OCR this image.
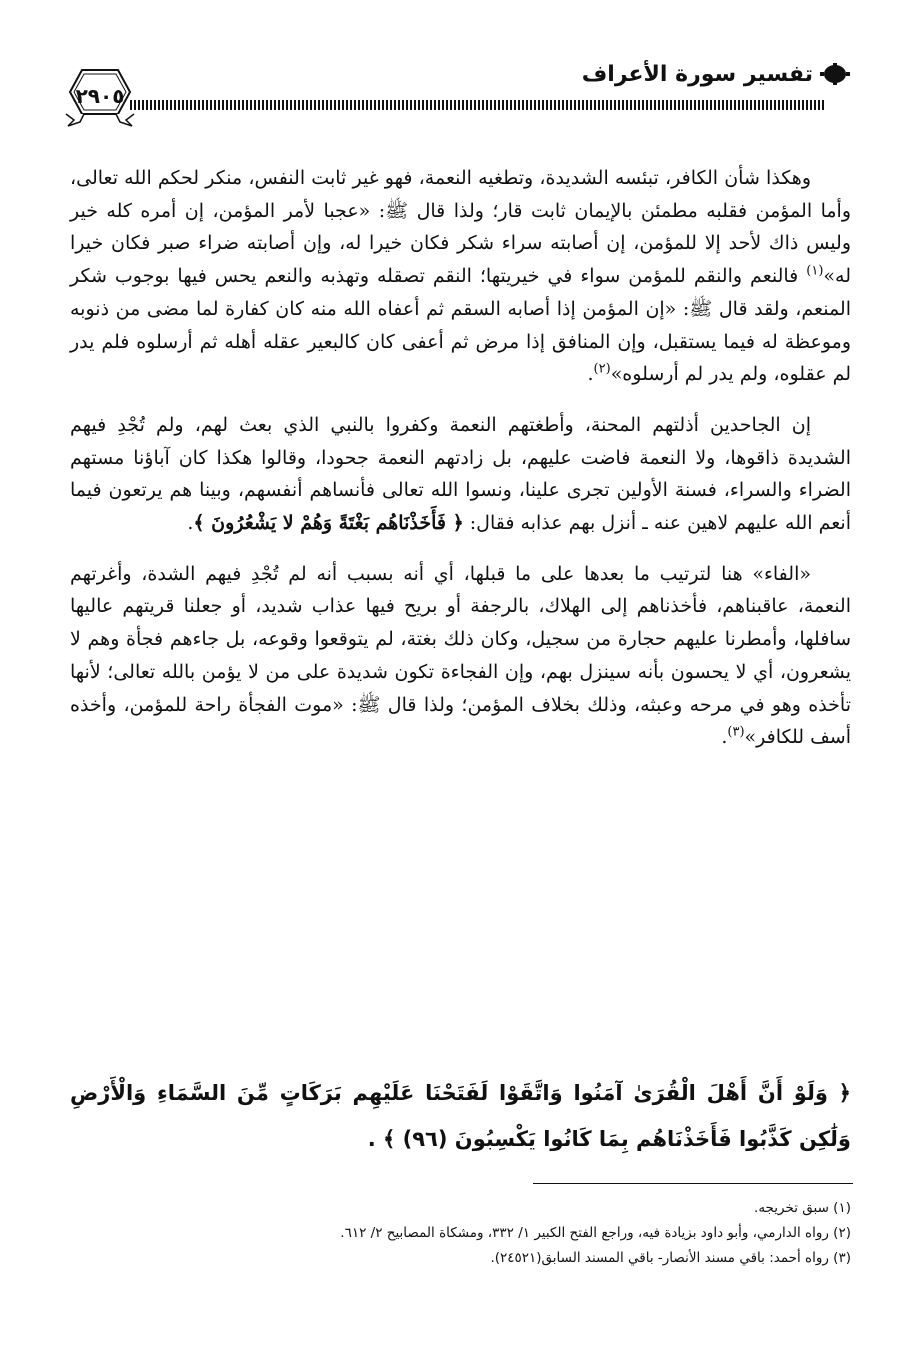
تفسير سورة الأعراف
٢٩٠٥

وهكذا شأن الكافر، تبئسه الشديدة، وتطغيه النعمة، فهو غير ثابت النفس، منكر لحكم الله تعالى، وأما المؤمن فقلبه مطمئن بالإيمان ثابت قار؛ ولذا قال ﷺ: «عجبا لأمر المؤمن، إن أمره كله خير وليس ذاك لأحد إلا للمؤمن، إن أصابته سراء شكر فكان خيرا له، وإن أصابته ضراء صبر فكان خيرا له»$^{(١)}$ فالنعم والنقم للمؤمن سواء في خيريتها؛ النقم تصقله وتهذبه والنعم يحس فيها بوجوب شكر المنعم، ولقد قال ﷺ: «إن المؤمن إذا أصابه السقم ثم أعفاه الله منه كان كفارة لما مضى من ذنوبه وموعظة له فيما يستقبل، وإن المنافق إذا مرض ثم أعفى كان كالبعير عقله أهله ثم أرسلوه فلم يدر لم عقلوه، ولم يدر لم أرسلوه»$^{(٢)}$.

إن الجاحدين أذلتهم المحنة، وأطغتهم النعمة وكفروا بالنبي الذي بعث لهم، ولم تُجْدِ فيهم الشديدة ذاقوها، ولا النعمة فاضت عليهم، بل زادتهم النعمة جحودا، وقالوا هكذا كان آباؤنا مستهم الضراء والسراء، فسنة الأولين تجرى علينا، ونسوا الله تعالى فأنساهم أنفسهم، وبينا هم يرتعون فيما أنعم الله عليهم لاهين عنه ـ أنزل بهم عذابه فقال: ﴿ فَأَخَذْنَاهُم بَغْتَةً وَهُمْ لا يَشْعُرُونَ ﴾.

«الفاء» هنا لترتيب ما بعدها على ما قبلها، أي أنه بسبب أنه لم تُجْدِ فيهم الشدة، وأغرتهم النعمة، عاقبناهم، فأخذناهم إلى الهلاك، بالرجفة أو بريح فيها عذاب شديد، أو جعلنا قريتهم عاليها سافلها، وأمطرنا عليهم حجارة من سجيل، وكان ذلك بغتة، لم يتوقعوا وقوعه، بل جاءهم فجأة وهم لا يشعرون، أي لا يحسون بأنه سينزل بهم، وإن الفجاءة تكون شديدة على من لا يؤمن بالله تعالى؛ لأنها تأخذه وهو في مرحه وعبثه، وذلك بخلاف المؤمن؛ ولذا قال ﷺ: «موت الفجأة راحة للمؤمن، وأخذه أسف للكافر»$^{(٣)}$.

﴿ وَلَوْ أَنَّ أَهْلَ الْقُرَىٰ آمَنُوا وَاتَّقَوْا لَفَتَحْنَا عَلَيْهِم بَرَكَاتٍ مِّنَ السَّمَاءِ وَالْأَرْضِ وَلَٰكِن كَذَّبُوا فَأَخَذْنَاهُم بِمَا كَانُوا يَكْسِبُونَ (٩٦) ﴾ .
(١) سبق تخريجه.
(٢) رواه الدارمي، وأبو داود بزيادة فيه، وراجع الفتح الكبير ١/ ٣٣٢، ومشكاة المصابيح ٢/ ٦١٢.
(٣) رواه أحمد: باقي مسند الأنصار- باقي المسند السابق(٢٤٥٢١).
